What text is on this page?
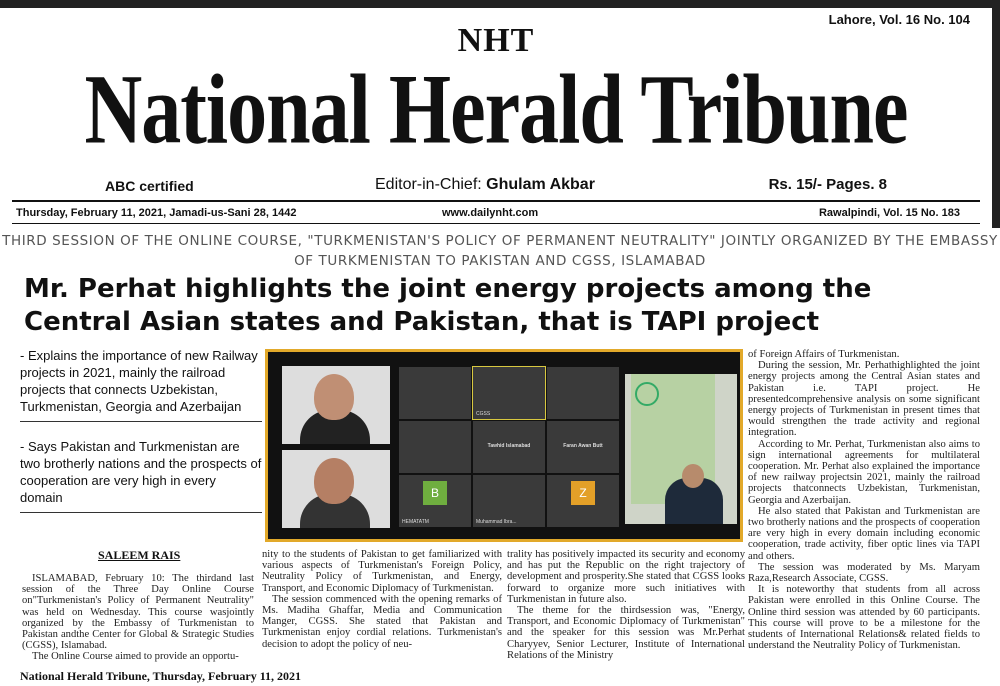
Lahore, Vol. 16 No. 104
NHT
National Herald Tribune
ABC certified	Editor-in-Chief: Ghulam Akbar	Rs. 15/- Pages. 8
Thursday, February 11, 2021, Jamadi-us-Sani 28, 1442	www.dailynht.com	Rawalpindi, Vol. 15 No. 183
THIRD SESSION OF THE ONLINE COURSE, "TURKMENISTAN'S POLICY OF PERMANENT NEUTRALITY" JOINTLY ORGANIZED BY THE EMBASSY OF TURKMENISTAN TO PAKISTAN AND CGSS, ISLAMABAD
Mr. Perhat highlights the joint energy projects among the Central Asian states and Pakistan, that is TAPI project
- Explains the importance of new Railway projects in 2021, mainly the railroad projects that connects Uzbekistan, Turkmenistan, Georgia and Azerbaijan
- Says Pakistan and Turkmenistan are two brotherly nations and the prospects of cooperation are very high in every domain
CGSS
Tawhid Islamabad	Faran Awan Butt
B
HEMATATM	Muhammad Ibra...
Z
SALEEM RAIS

ISLAMABAD, February 10: The thirdand last session of the Three Day Online Course on"Turkmenistan's Policy of Permanent Neutrality" was held on Wednesday. This course wasjointly organized by the Embassy of Turkmenistan to Pakistan andthe Center for Global & Strategic Studies (CGSS), Islamabad.

The Online Course aimed to provide an opportu-

nity to the students of Pakistan to get familiarized with various aspects of Turkmenistan's Foreign Policy, Neutrality Policy of Turkmenistan, and Energy, Transport, and Economic Diplomacy of Turkmenistan.

The session commenced with the opening remarks of Ms. Madiha Ghaffar, Media and Communication Manger, CGSS. She stated that Pakistan and Turkmenistan enjoy cordial relations. Turkmenistan's decision to adopt the policy of neu-

trality has positively impacted its security and economy and has put the Republic on the right trajectory of development and prosperity.She stated that CGSS looks forward to organize more such initiatives with Turkmenistan in future also.

The theme for the thirdsession was, "Energy, Transport, and Economic Diplomacy of Turkmenistan" and the speaker for this session was Mr.Perhat Charyyev, Senior Lecturer, Institute of International Relations of the Ministry

of Foreign Affairs of Turkmenistan.

During the session, Mr. Perhathighlighted the joint energy projects among the Central Asian states and Pakistan i.e. TAPI project. He presentedcomprehensive analysis on some significant energy projects of Turkmenistan in present times that would strengthen the trade activity and regional integration.

According to Mr. Perhat, Turkmenistan also aims to sign international agreements for multilateral cooperation. Mr. Perhat also explained the importance of new railway projectsin 2021, mainly the railroad projects thatconnects Uzbekistan, Turkmenistan, Georgia and Azerbaijan.

He also stated that Pakistan and Turkmenistan are two brotherly nations and the prospects of cooperation are very high in every domain including economic cooperation, trade activity, fiber optic lines via TAPI and others.

The session was moderated by Ms. Maryam Raza,Research Associate, CGSS.

It is noteworthy that students from all across Pakistan were enrolled in this Online Course. The Online third session was attended by 60 participants. This course will prove to be a milestone for the students of International Relations& related fields to understand the Neutrality Policy of Turkmenistan.

National Herald Tribune, Thursday, February 11, 2021
